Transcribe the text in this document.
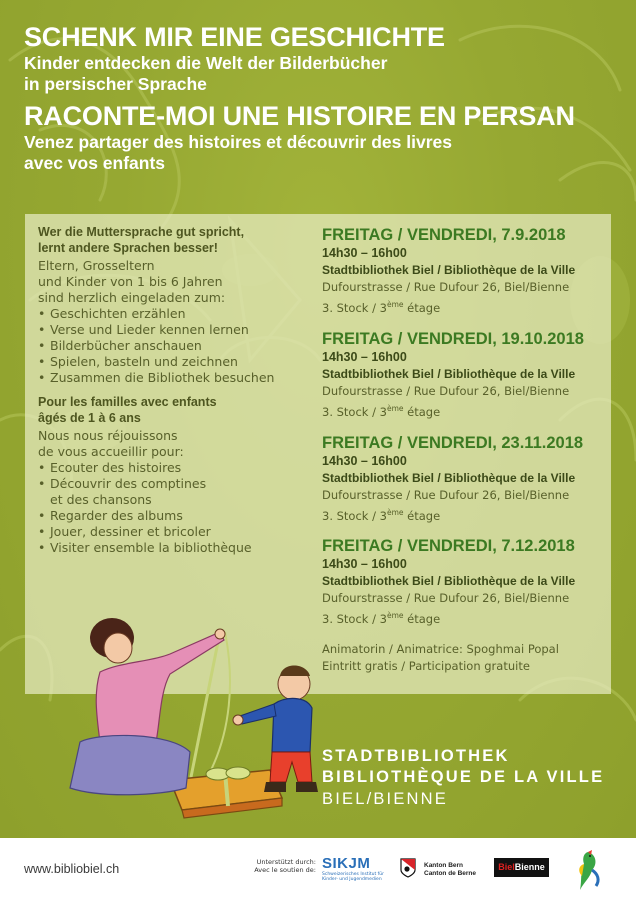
SCHENK MIR EINE GESCHICHTE
Kinder entdecken die Welt der Bilderbücher
in persischer Sprache
RACONTE-MOI UNE HISTOIRE EN PERSAN
Venez partager des histoires et découvrir des livres
avec vos enfants
Wer die Muttersprache gut spricht,
lernt andere Sprachen besser!
Eltern, Grosseltern
und Kinder von 1 bis 6 Jahren
sind herzlich eingeladen zum:
• Geschichten erzählen
• Verse und Lieder kennen lernen
• Bilderbücher anschauen
• Spielen, basteln und zeichnen
• Zusammen die Bibliothek besuchen
Pour les familles avec enfants
âgés de 1 à 6 ans
Nous nous réjouissons
de vous accueillir pour:
• Ecouter des histoires
• Découvrir des comptines
et des chansons
• Regarder des albums
• Jouer, dessiner et bricoler
• Visiter ensemble la bibliothèque
FREITAG / VENDREDI, 7.9.2018
14h30 – 16h00
Stadtbibliothek Biel / Bibliothèque de la Ville
Dufourstrasse / Rue Dufour 26, Biel/Bienne
3. Stock / 3ème étage
FREITAG / VENDREDI, 19.10.2018
14h30 – 16h00
Stadtbibliothek Biel / Bibliothèque de la Ville
Dufourstrasse / Rue Dufour 26, Biel/Bienne
3. Stock / 3ème étage
FREITAG / VENDREDI, 23.11.2018
14h30 – 16h00
Stadtbibliothek Biel / Bibliothèque de la Ville
Dufourstrasse / Rue Dufour 26, Biel/Bienne
3. Stock / 3ème étage
FREITAG / VENDREDI, 7.12.2018
14h30 – 16h00
Stadtbibliothek Biel / Bibliothèque de la Ville
Dufourstrasse / Rue Dufour 26, Biel/Bienne
3. Stock / 3ème étage
Animatorin / Animatrice: Spoghmai Popal
Eintritt gratis / Participation gratuite
STADTBIBLIOTHEK
BIBLIOTHÈQUE DE LA VILLE
BIEL/BIENNE
www.bibliobiel.ch	Unterstützt durch:
Avec le soutien de: SIKJM
Schweizerisches Institut für Kinder- und Jugendmedien
Kanton Bern
Canton de Berne
BielBienne
